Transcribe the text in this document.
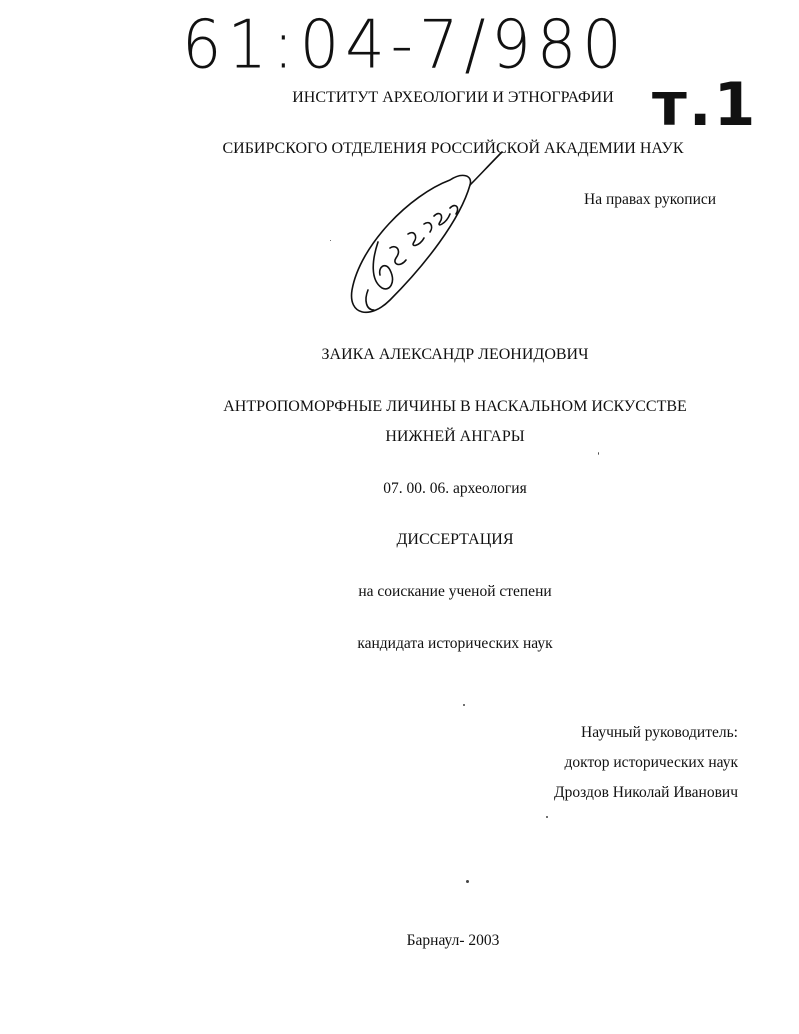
61:04-7/980
т.1
ИНСТИТУТ АРХЕОЛОГИИ И ЭТНОГРАФИИ
СИБИРСКОГО ОТДЕЛЕНИЯ РОССИЙСКОЙ АКАДЕМИИ НАУК
На правах рукописи
ЗАИКА АЛЕКСАНДР ЛЕОНИДОВИЧ
АНТРОПОМОРФНЫЕ ЛИЧИНЫ В НАСКАЛЬНОМ ИСКУССТВЕ
НИЖНЕЙ АНГАРЫ
07. 00. 06. археология
ДИССЕРТАЦИЯ
на соискание ученой степени
кандидата исторических наук
Научный руководитель:
доктор исторических наук
Дроздов Николай Иванович
Барнаул- 2003
